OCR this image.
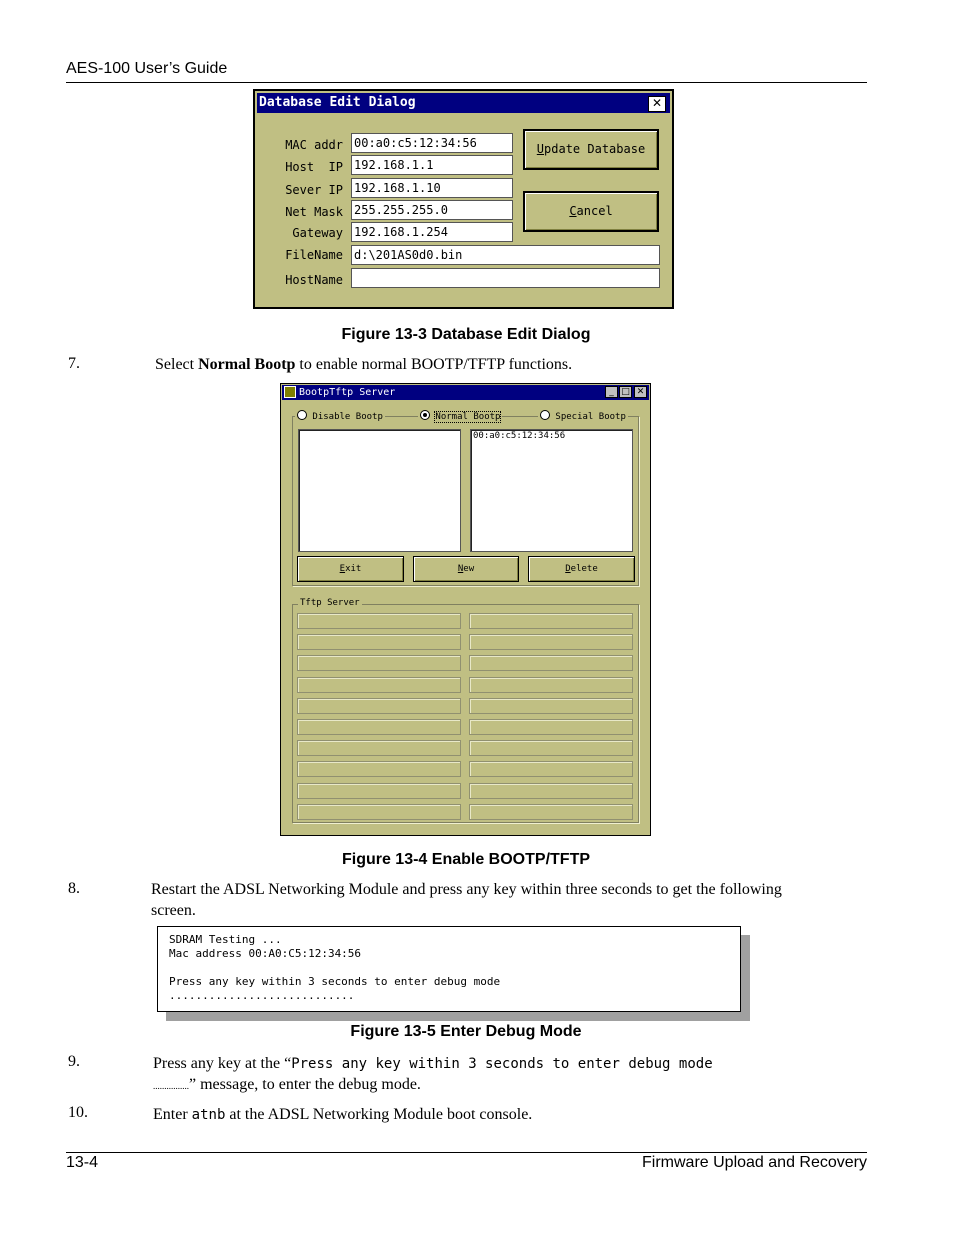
AES-100 User’s Guide
Database Edit Dialog	✕
MAC addr 00:a0:c5:12:34:56
Host  IP 192.168.1.1
Sever IP 192.168.1.10
Net Mask 255.255.255.0
Gateway 192.168.1.254
FileName d:\201AS0d0.bin
HostName
Update Database
Cancel
Figure 13-3 Database Edit Dialog
7.	Select Normal Bootp to enable normal BOOTP/TFTP functions.
BootpTftp Server	_ □ ✕
Disable Bootp	Normal Bootp	Special Bootp
00:a0:c5:12:34:56
Exit	New	Delete
Tftp Server
Figure 13-4 Enable BOOTP/TFTP
8.	Restart the ADSL Networking Module and press any key within three seconds to get the following
screen.
SDRAM Testing ...
Mac address 00:A0:C5:12:34:56
Press any key within 3 seconds to enter debug mode
............................
Figure 13-5 Enter Debug Mode
9.	Press any key at the “Press any key within 3 seconds to enter debug mode
................” message, to enter the debug mode.
10.	Enter atnb at the ADSL Networking Module boot console.
13-4	Firmware Upload and Recovery
